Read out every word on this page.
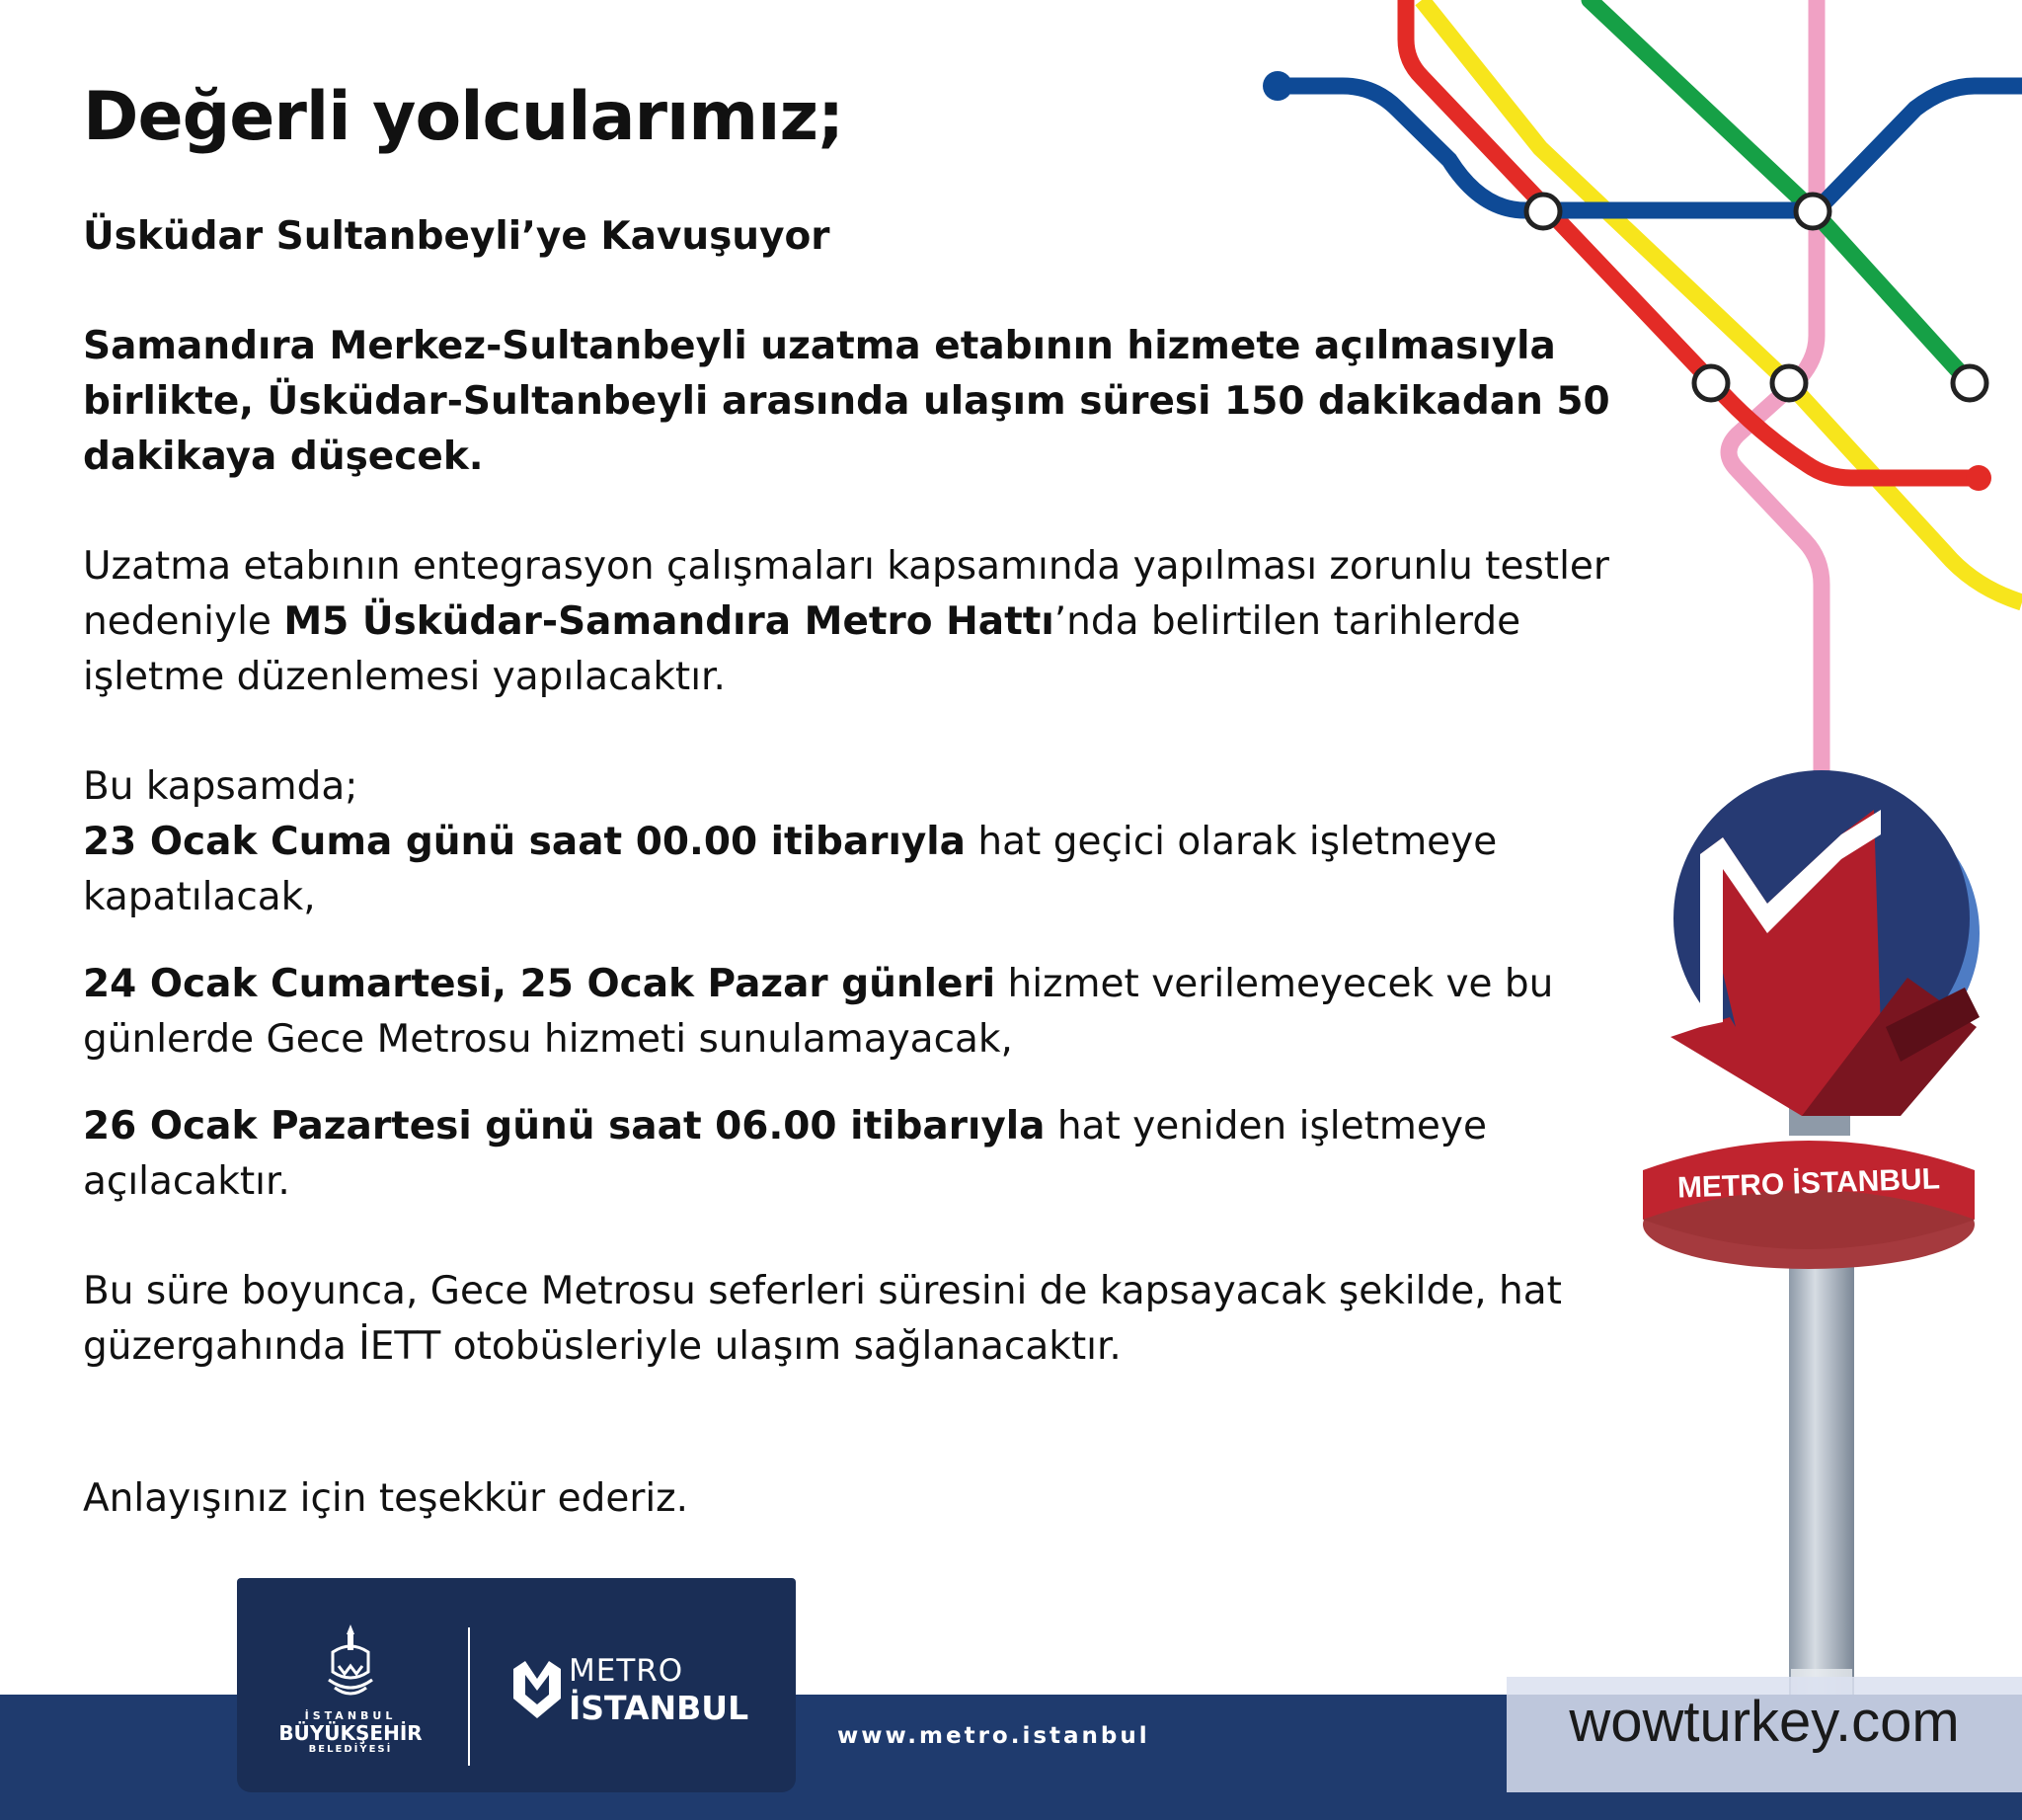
METRO İSTANBUL
Değerli yolcularımız;

Üsküdar Sultanbeyli’ye Kavuşuyor

Samandıra Merkez-Sultanbeyli uzatma etabının hizmete açılmasıyla birlikte, Üsküdar-Sultanbeyli arasında ulaşım süresi 150 dakikadan 50 dakikaya düşecek.

Uzatma etabının entegrasyon çalışmaları kapsamında yapılması zorunlu testler nedeniyle M5 Üsküdar-Samandıra Metro Hattı’nda belirtilen tarihlerde işletme düzenlemesi yapılacaktır.

Bu kapsamda;

23 Ocak Cuma günü saat 00.00 itibarıyla hat geçici olarak işletmeye kapatılacak,

24 Ocak Cumartesi, 25 Ocak Pazar günleri hizmet verilemeyecek ve bu günlerde Gece Metrosu hizmeti sunulamayacak,

26 Ocak Pazartesi günü saat 06.00 itibarıyla hat yeniden işletmeye açılacaktır.

Bu süre boyunca, Gece Metrosu seferleri süresini de kapsayacak şekilde, hat güzergahında İETT otobüsleriyle ulaşım sağlanacaktır.

Anlayışınız için teşekkür ederiz.

www.metro.istanbul
İSTANBUL
BÜYÜKŞEHİR
BELEDİYESİ
METRO
İSTANBUL	wowturkey.com
